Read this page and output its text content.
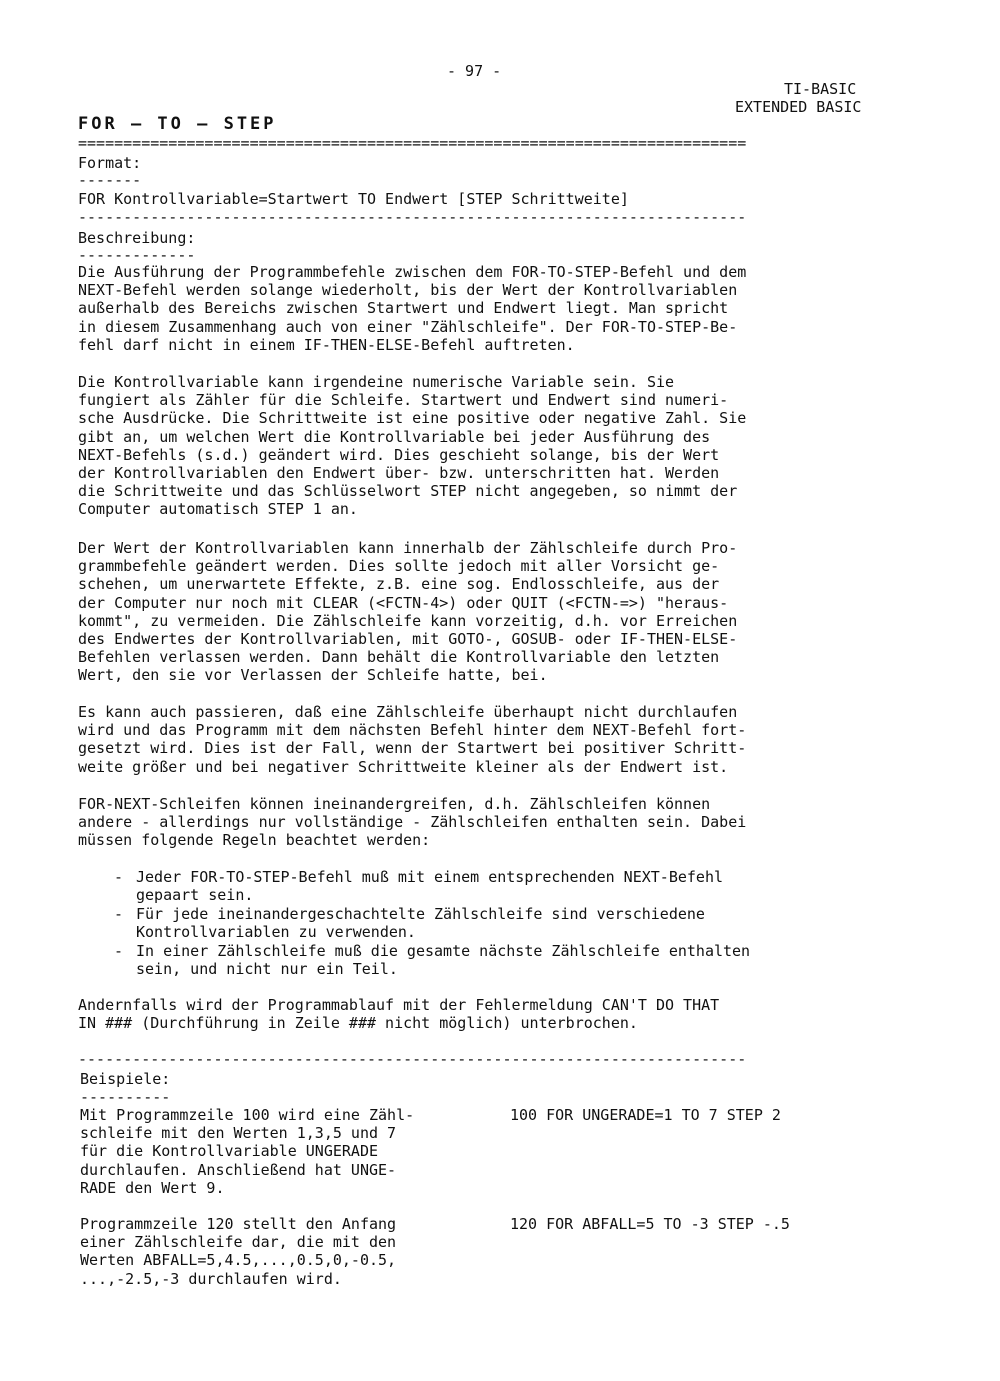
- 97 -
TI-BASIC
EXTENDED BASIC
FOR — TO — STEP
==========================================================================
Format:
-------
FOR Kontrollvariable=Startwert TO Endwert [STEP Schrittweite]
--------------------------------------------------------------------------
Beschreibung:
-------------
Die Ausführung der Programmbefehle zwischen dem FOR-TO-STEP-Befehl und dem
NEXT-Befehl werden solange wiederholt, bis der Wert der Kontrollvariablen
außerhalb des Bereichs zwischen Startwert und Endwert liegt. Man spricht
in diesem Zusammenhang auch von einer "Zählschleife". Der FOR-TO-STEP-Be-
fehl darf nicht in einem IF-THEN-ELSE-Befehl auftreten.
Die Kontrollvariable kann irgendeine numerische Variable sein. Sie
fungiert als Zähler für die Schleife. Startwert und Endwert sind numeri-
sche Ausdrücke. Die Schrittweite ist eine positive oder negative Zahl. Sie
gibt an, um welchen Wert die Kontrollvariable bei jeder Ausführung des
NEXT-Befehls (s.d.) geändert wird. Dies geschieht solange, bis der Wert
der Kontrollvariablen den Endwert über- bzw. unterschritten hat. Werden
die Schrittweite und das Schlüsselwort STEP nicht angegeben, so nimmt der
Computer automatisch STEP 1 an.
Der Wert der Kontrollvariablen kann innerhalb der Zählschleife durch Pro-
grammbefehle geändert werden. Dies sollte jedoch mit aller Vorsicht ge-
schehen, um unerwartete Effekte, z.B. eine sog. Endlosschleife, aus der
der Computer nur noch mit CLEAR (<FCTN-4>) oder QUIT (<FCTN-=>) "heraus-
kommt", zu vermeiden. Die Zählschleife kann vorzeitig, d.h. vor Erreichen
des Endwertes der Kontrollvariablen, mit GOTO-, GOSUB- oder IF-THEN-ELSE-
Befehlen verlassen werden. Dann behält die Kontrollvariable den letzten
Wert, den sie vor Verlassen der Schleife hatte, bei.
Es kann auch passieren, daß eine Zählschleife überhaupt nicht durchlaufen
wird und das Programm mit dem nächsten Befehl hinter dem NEXT-Befehl fort-
gesetzt wird. Dies ist der Fall, wenn der Startwert bei positiver Schritt-
weite größer und bei negativer Schrittweite kleiner als der Endwert ist.
FOR-NEXT-Schleifen können ineinandergreifen, d.h. Zählschleifen können
andere - allerdings nur vollständige - Zählschleifen enthalten sein. Dabei
müssen folgende Regeln beachtet werden:
- Jeder FOR-TO-STEP-Befehl muß mit einem entsprechenden NEXT-Befehl
gepaart sein.
- Für jede ineinandergeschachtelte Zählschleife sind verschiedene
Kontrollvariablen zu verwenden.
- In einer Zählschleife muß die gesamte nächste Zählschleife enthalten
sein, und nicht nur ein Teil.
Andernfalls wird der Programmablauf mit der Fehlermeldung CAN'T DO THAT
IN ### (Durchführung in Zeile ### nicht möglich) unterbrochen.
--------------------------------------------------------------------------
Beispiele:
----------
Mit Programmzeile 100 wird eine Zähl-
schleife mit den Werten 1,3,5 und 7
für die Kontrollvariable UNGERADE
durchlaufen. Anschließend hat UNGE-
RADE den Wert 9.
100 FOR UNGERADE=1 TO 7 STEP 2
Programmzeile 120 stellt den Anfang
einer Zählschleife dar, die mit den
Werten ABFALL=5,4.5,...,0.5,0,-0.5,
...,-2.5,-3 durchlaufen wird.
120 FOR ABFALL=5 TO -3 STEP -.5
